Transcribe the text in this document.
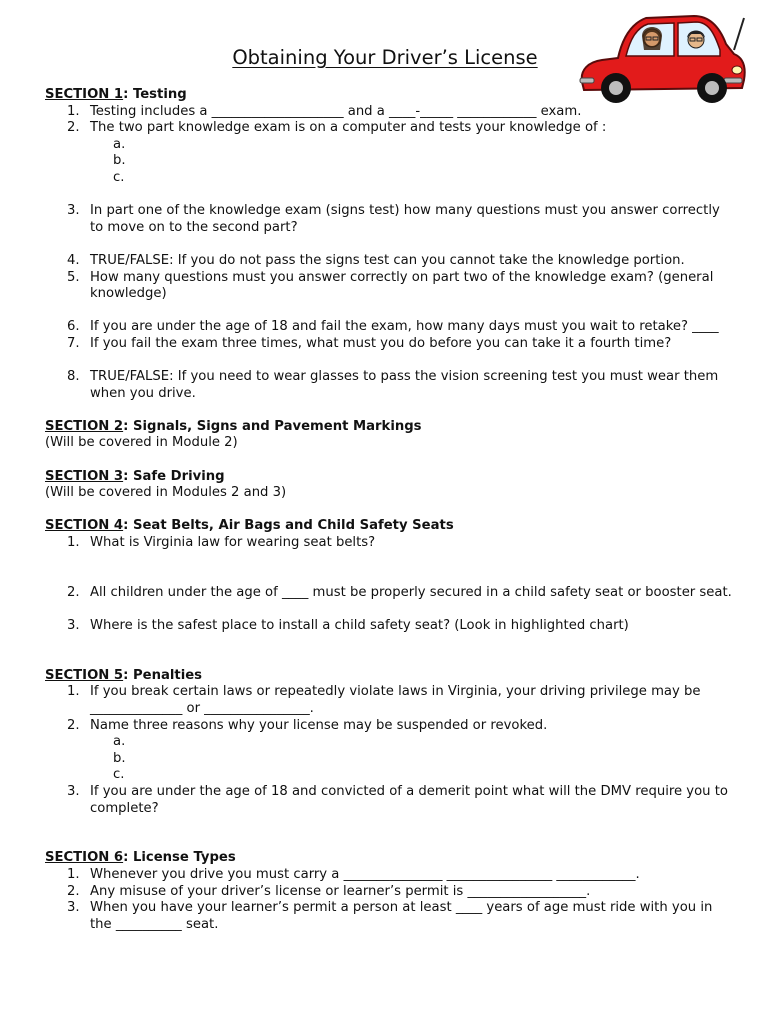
Obtaining Your Driver’s License
SECTION 1: Testing
1. Testing includes a ____________________ and a ____-_____ ____________ exam.
2. The two part knowledge exam is on a computer and tests your knowledge of :
a.
b.
c.
3. In part one of the knowledge exam (signs test) how many questions must you answer correctly to move on to the second part?
4. TRUE/FALSE: If you do not pass the signs test can you cannot take the knowledge portion.
5. How many questions must you answer correctly on part two of the knowledge exam? (general knowledge)
6. If you are under the age of 18 and fail the exam, how many days must you wait to retake? ____
7. If you fail the exam three times, what must you do before you can take it a fourth time?
8. TRUE/FALSE: If you need to wear glasses to pass the vision screening test you must wear them when you drive.
SECTION 2: Signals, Signs and Pavement Markings
(Will be covered in Module 2)
SECTION 3: Safe Driving
(Will be covered in Modules 2 and 3)
SECTION 4: Seat Belts, Air Bags and Child Safety Seats
1. What is Virginia law for wearing seat belts?
2. All children under the age of ____ must be properly secured in a child safety seat or booster seat.
3. Where is the safest place to install a child safety seat? (Look in highlighted chart)
SECTION 5: Penalties
1. If you break certain laws or repeatedly violate laws in Virginia, your driving privilege may be ______________ or ________________.
2. Name three reasons why your license may be suspended or revoked.
a.
b.
c.
3. If you are under the age of 18 and convicted of a demerit point what will the DMV require you to complete?
SECTION 6: License Types
1. Whenever you drive you must carry a _______________ ________________ ____________.
2. Any misuse of your driver’s license or learner’s permit is __________________.
3. When you have your learner’s permit a person at least ____ years of age must ride with you in the __________ seat.
